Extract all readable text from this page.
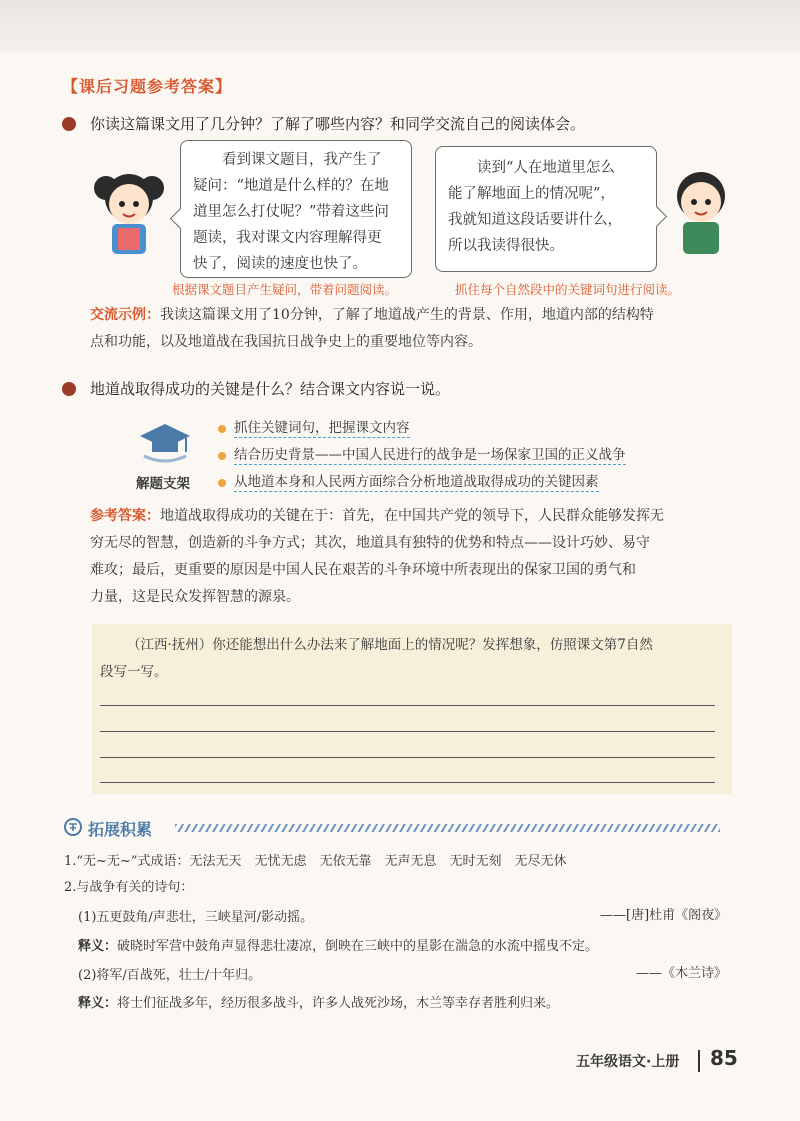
【课后习题参考答案】
你读这篇课文用了几分钟？了解了哪些内容？和同学交流自己的阅读体会。
看到课文题目，我产生了
疑问：“地道是什么样的？在地
道里怎么打仗呢？”带着这些问
题读，我对课文内容理解得更
快了，阅读的速度也快了。
读到“人在地道里怎么
能了解地面上的情况呢”，
我就知道这段话要讲什么，
所以我读得很快。
根据课文题目产生疑问，带着问题阅读。	抓住每个自然段中的关键词句进行阅读。
交流示例：我读这篇课文用了10分钟，了解了地道战产生的背景、作用，地道内部的结构特
点和功能，以及地道战在我国抗日战争史上的重要地位等内容。
地道战取得成功的关键是什么？结合课文内容说一说。
解题支架
抓住关键词句，把握课文内容
结合历史背景——中国人民进行的战争是一场保家卫国的正义战争
从地道本身和人民两方面综合分析地道战取得成功的关键因素
参考答案：地道战取得成功的关键在于：首先，在中国共产党的领导下，人民群众能够发挥无
穷无尽的智慧，创造新的斗争方式；其次，地道具有独特的优势和特点——设计巧妙、易守
难攻；最后，更重要的原因是中国人民在艰苦的斗争环境中所表现出的保家卫国的勇气和
力量，这是民众发挥智慧的源泉。
（江西·抚州）你还能想出什么办法来了解地面上的情况呢？发挥想象，仿照课文第7自然
段写一写。
拓展积累
1.“无~无~”式成语：无法无天　无忧无虑　无依无靠　无声无息　无时无刻　无尽无休
2.与战争有关的诗句：
(1)五更鼓角/声悲壮，三峡星河/影动摇。	——[唐]杜甫《阁夜》
释义：破晓时军营中鼓角声显得悲壮凄凉，倒映在三峡中的星影在湍急的水流中摇曳不定。
(2)将军/百战死，壮士/十年归。	——《木兰诗》
释义：将士们征战多年，经历很多战斗，许多人战死沙场，木兰等幸存者胜利归来。
五年级语文·上册 85
